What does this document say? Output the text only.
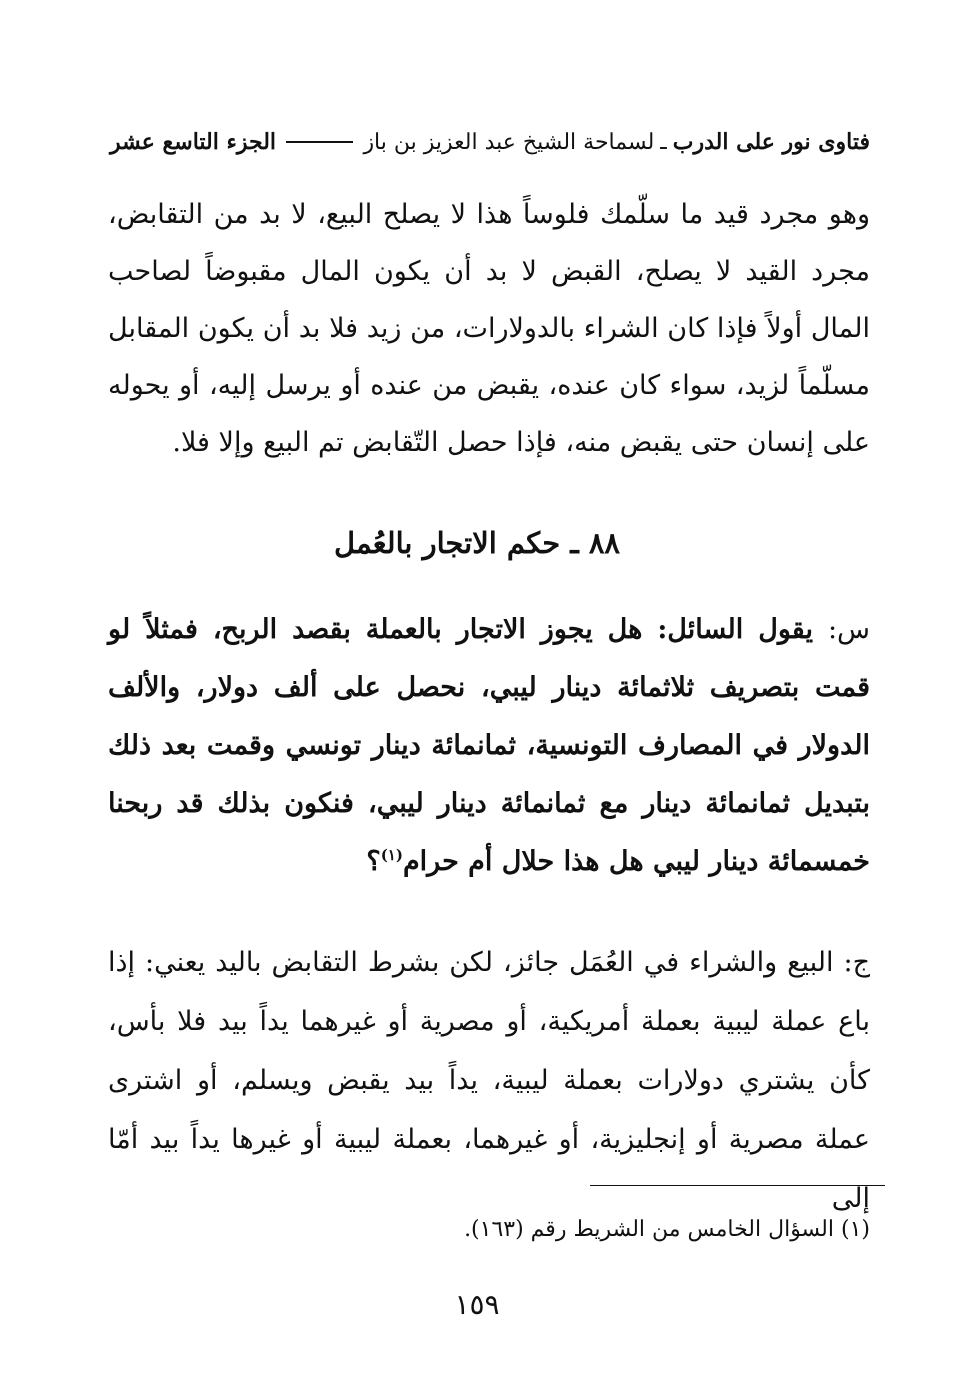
فتاوى نور على الدرب
ـ
لسماحة الشيخ عبد العزيز بن باز
الجزء التاسع عشر
وهو مجرد قيد ما سلّمك فلوساً هذا لا يصلح البيع، لا بد من التقابض، مجرد القيد لا يصلح، القبض لا بد أن يكون المال مقبوضاً لصاحب المال أولاً فإذا كان الشراء بالدولارات، من زيد فلا بد أن يكون المقابل مسلّماً لزيد، سواء كان عنده، يقبض من عنده أو يرسل إليه، أو يحوله على إنسان حتى يقبض منه، فإذا حصل التّقابض تم البيع وإلا فلا.
٨٨ ـ حكم الاتجار بالعُمل
س: يقول السائل: هل يجوز الاتجار بالعملة بقصد الربح، فمثلاً لو قمت بتصريف ثلاثمائة دينار ليبي، نحصل على ألف دولار، والألف الدولار في المصارف التونسية، ثمانمائة دينار تونسي وقمت بعد ذلك بتبديل ثمانمائة دينار مع ثمانمائة دينار ليبي، فنكون بذلك قد ربحنا خمسمائة دينار ليبي هل هذا حلال أم حرام$^{(١)}$؟
ج: البيع والشراء في العُمَل جائز، لكن بشرط التقابض باليد يعني: إذا باع عملة ليبية بعملة أمريكية، أو مصرية أو غيرهما يداً بيد فلا بأس، كأن يشتري دولارات بعملة ليبية، يداً بيد يقبض ويسلم، أو اشترى عملة مصرية أو إنجليزية، أو غيرهما، بعملة ليبية أو غيرها يداً بيد أمّا إلى
(١) السؤال الخامس من الشريط رقم (١٦٣).
١٥٩
